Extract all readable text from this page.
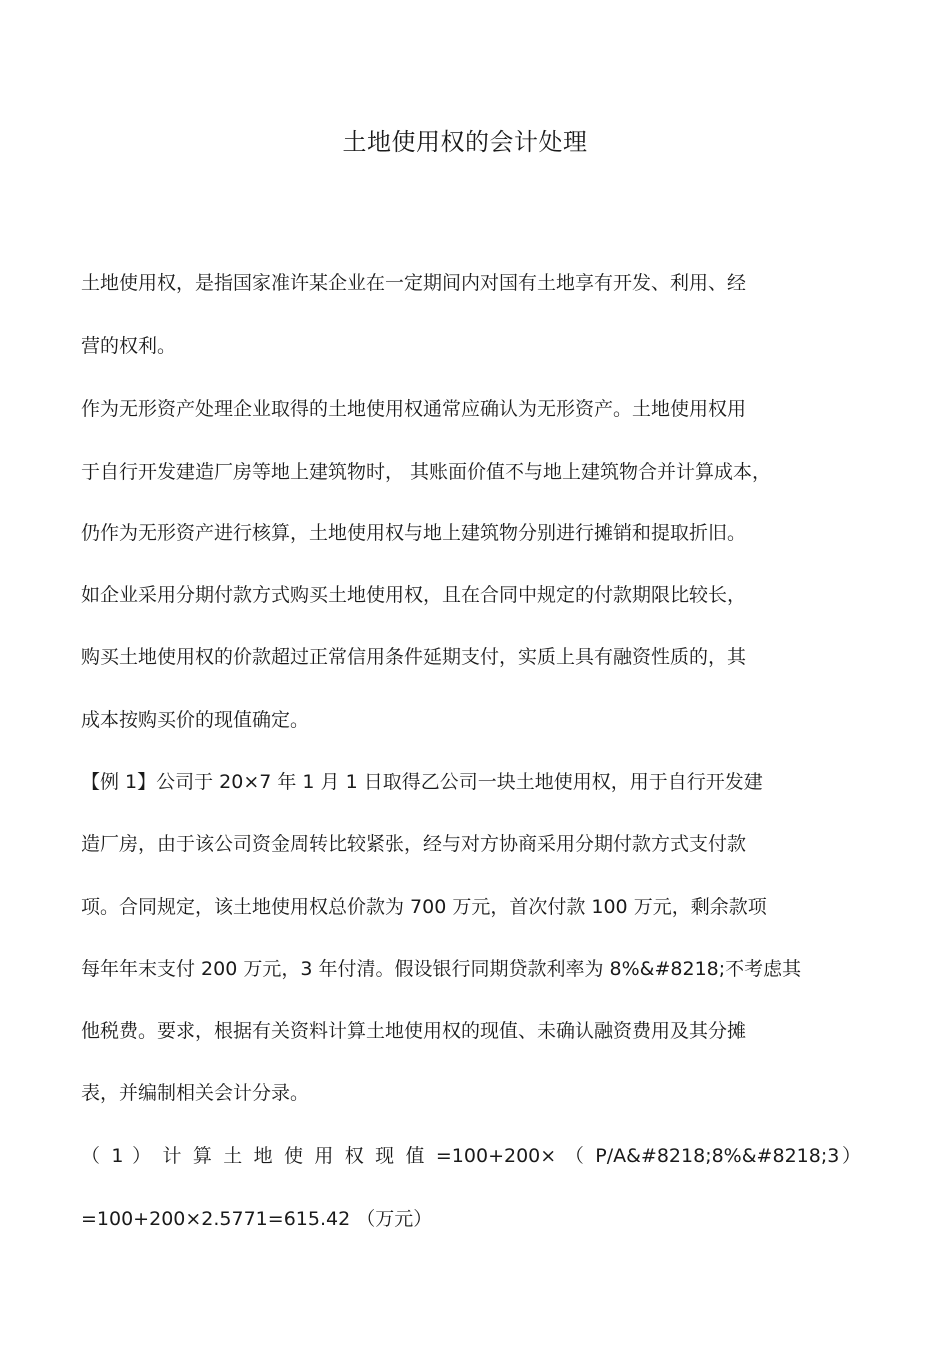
土地使用权的会计处理
土地使用权，是指国家准许某企业在一定期间内对国有土地享有开发、利用、经
营的权利。
作为无形资产处理企业取得的土地使用权通常应确认为无形资产。土地使用权用
于自行开发建造厂房等地上建筑物时， 其账面价值不与地上建筑物合并计算成本，
仍作为无形资产进行核算，土地使用权与地上建筑物分别进行摊销和提取折旧。
如企业采用分期付款方式购买土地使用权，且在合同中规定的付款期限比较长，
购买土地使用权的价款超过正常信用条件延期支付，实质上具有融资性质的，其
成本按购买价的现值确定。
【例 1】公司于 20×7 年 1 月 1 日取得乙公司一块土地使用权，用于自行开发建
造厂房，由于该公司资金周转比较紧张，经与对方协商采用分期付款方式支付款
项。合同规定，该土地使用权总价款为 700 万元，首次付款 100 万元，剩余款项
每年年末支付 200 万元，3 年付清。假设银行同期贷款利率为 8%&#8218;不考虑其
他税费。要求，根据有关资料计算土地使用权的现值、未确认融资费用及其分摊
表，并编制相关会计分录。
（ 1 ） 计 算 土 地 使 用 权 现 值 =100+200× （ P/A&#8218;8%&#8218;3）
=100+200×2.5771=615.42 （万元）
